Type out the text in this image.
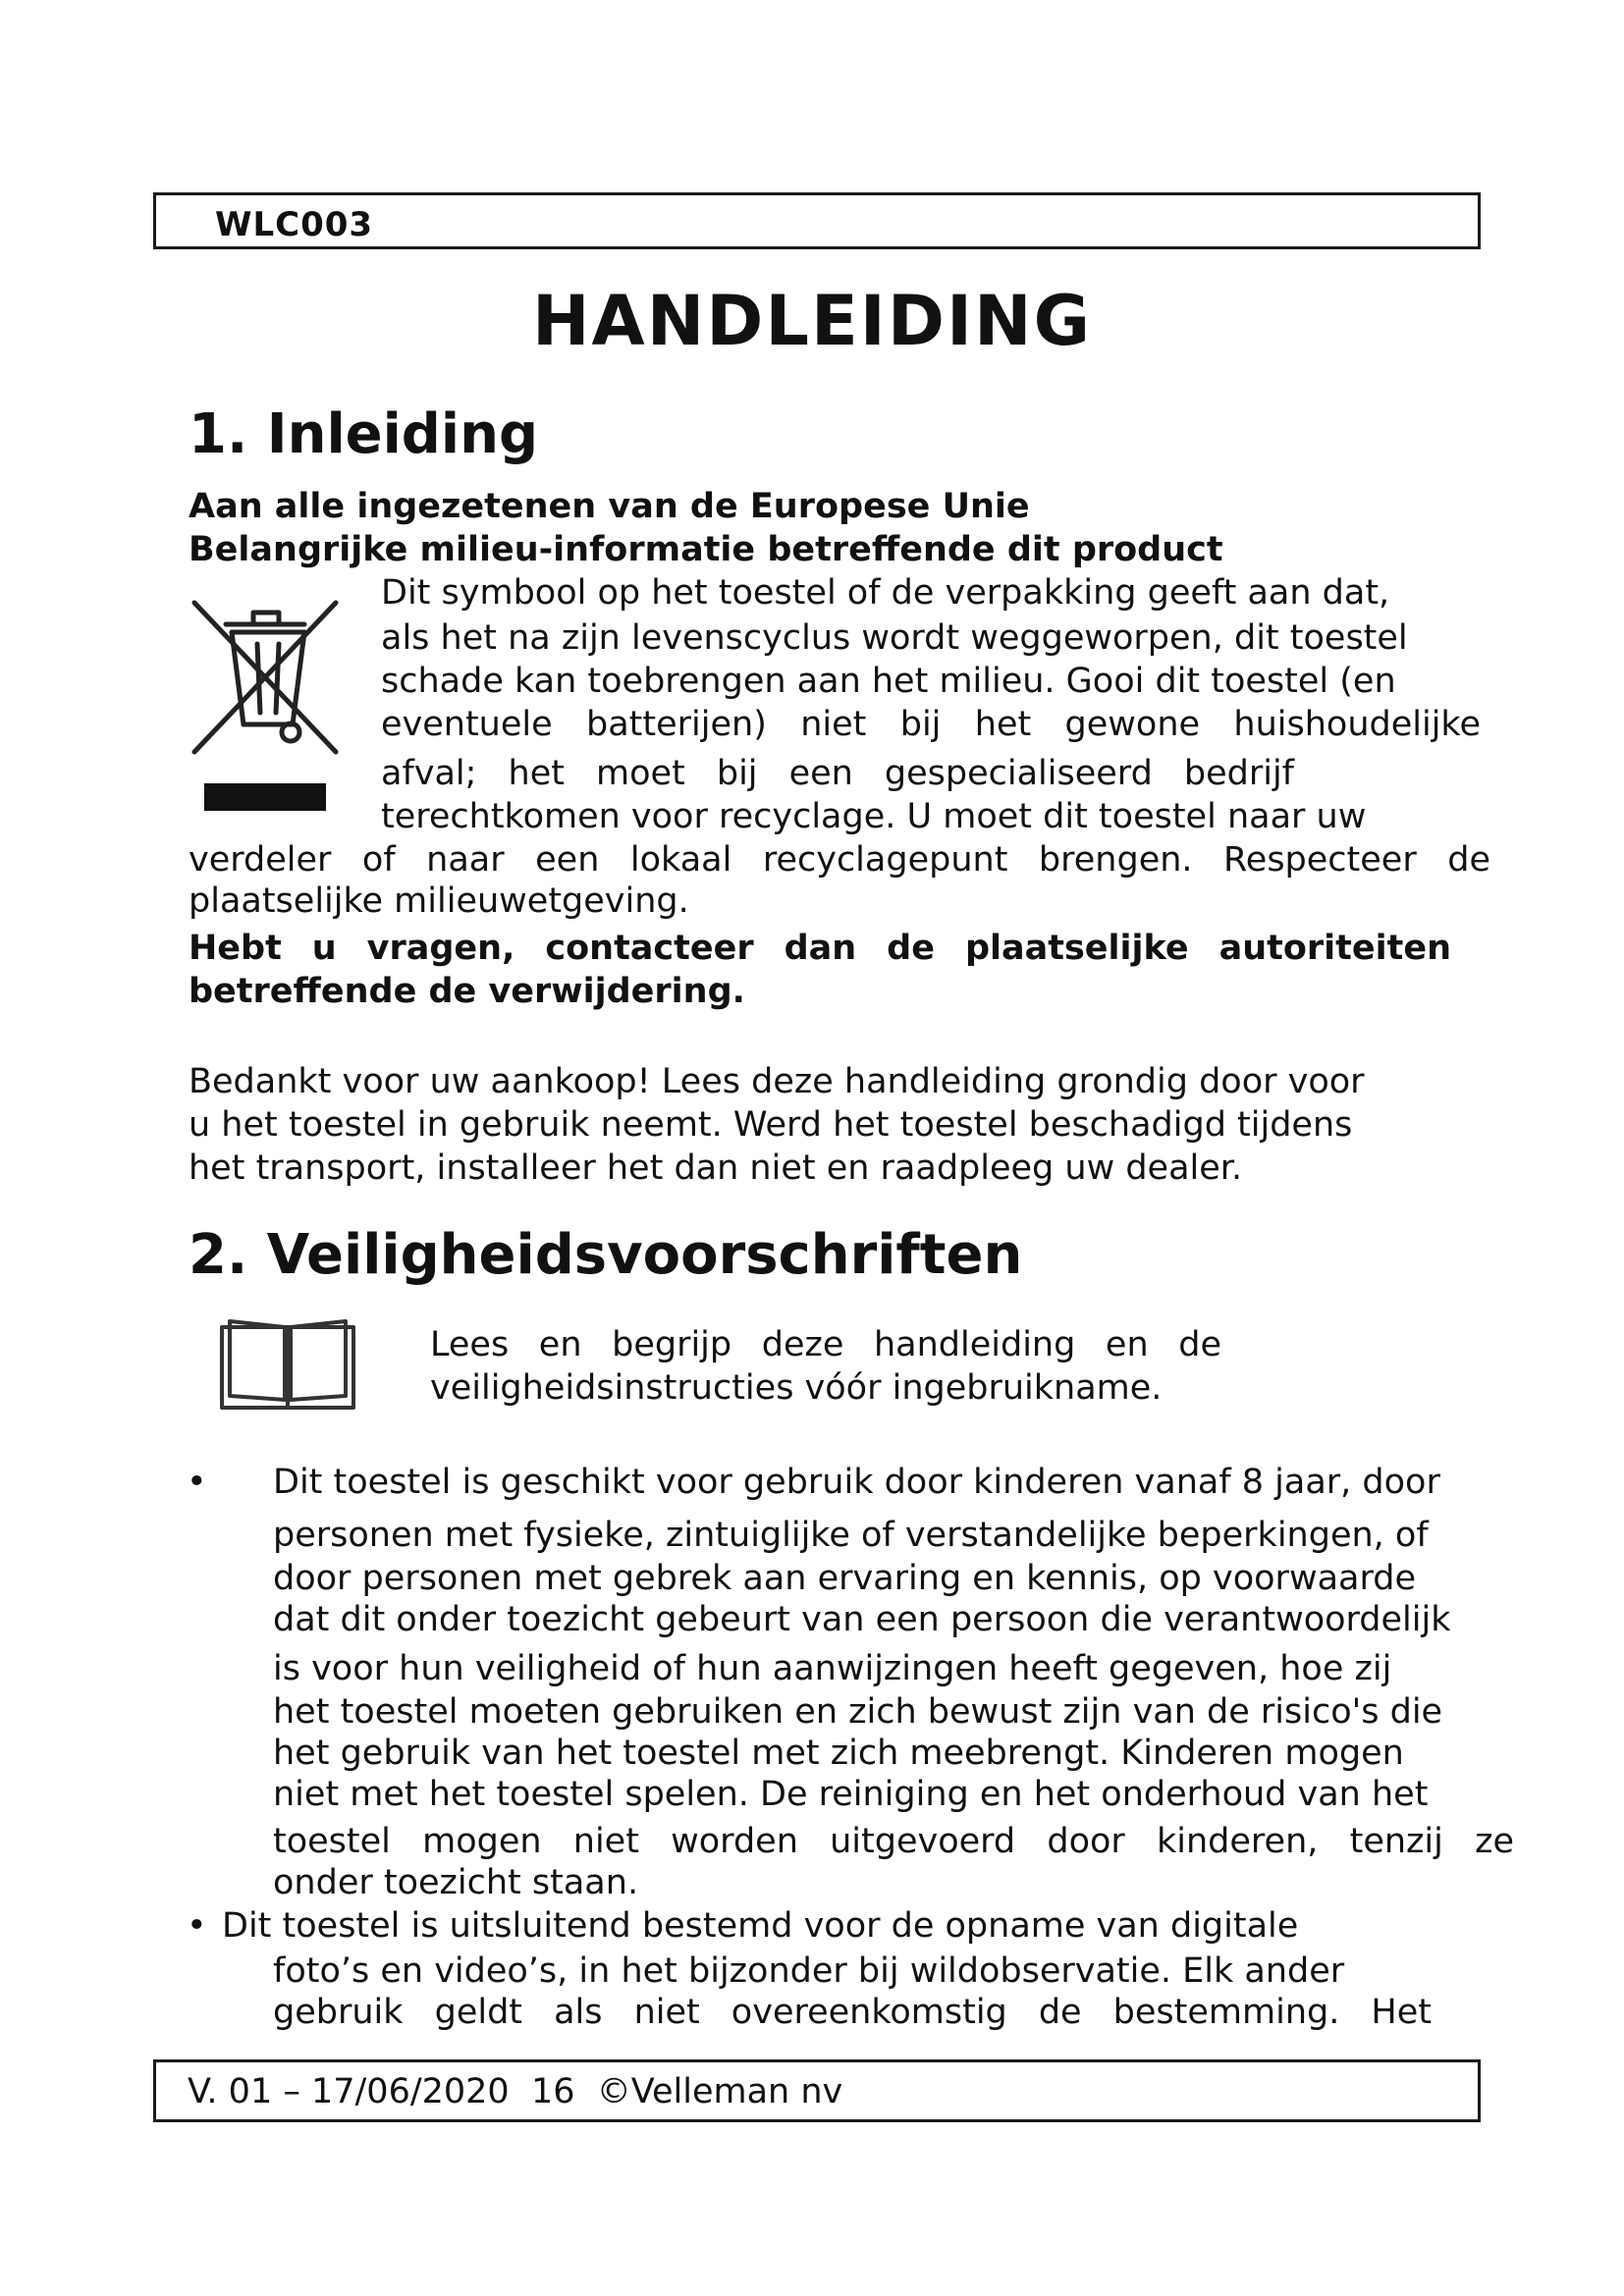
WLC003
HANDLEIDING
1. Inleiding
Aan alle ingezetenen van de Europese Unie
Belangrijke milieu-informatie betreffende dit product
Dit symbool op het toestel of de verpakking geeft aan dat,
als het na zijn levenscyclus wordt weggeworpen, dit toestel
schade kan toebrengen aan het milieu. Gooi dit toestel (en
eventuele batterijen) niet bij het gewone huishoudelijke
afval; het moet bij een gespecialiseerd bedrijf
terechtkomen voor recyclage. U moet dit toestel naar uw
verdeler of naar een lokaal recyclagepunt brengen. Respecteer de
plaatselijke milieuwetgeving.
Hebt u vragen, contacteer dan de plaatselijke autoriteiten
betreffende de verwijdering.
Bedankt voor uw aankoop! Lees deze handleiding grondig door voor
u het toestel in gebruik neemt. Werd het toestel beschadigd tijdens
het transport, installeer het dan niet en raadpleeg uw dealer.
2. Veiligheidsvoorschriften
Lees en begrijp deze handleiding en de
veiligheidsinstructies vóór ingebruikname.
• Dit toestel is geschikt voor gebruik door kinderen vanaf 8 jaar, door
personen met fysieke, zintuiglijke of verstandelijke beperkingen, of
door personen met gebrek aan ervaring en kennis, op voorwaarde
dat dit onder toezicht gebeurt van een persoon die verantwoordelijk
is voor hun veiligheid of hun aanwijzingen heeft gegeven, hoe zij
het toestel moeten gebruiken en zich bewust zijn van de risico's die
het gebruik van het toestel met zich meebrengt. Kinderen mogen
niet met het toestel spelen. De reiniging en het onderhoud van het
toestel mogen niet worden uitgevoerd door kinderen, tenzij ze
onder toezicht staan.
• Dit toestel is uitsluitend bestemd voor de opname van digitale
foto’s en video’s, in het bijzonder bij wildobservatie. Elk ander
gebruik geldt als niet overeenkomstig de bestemming. Het
V. 01 – 17/06/2020  16  ©Velleman nv
